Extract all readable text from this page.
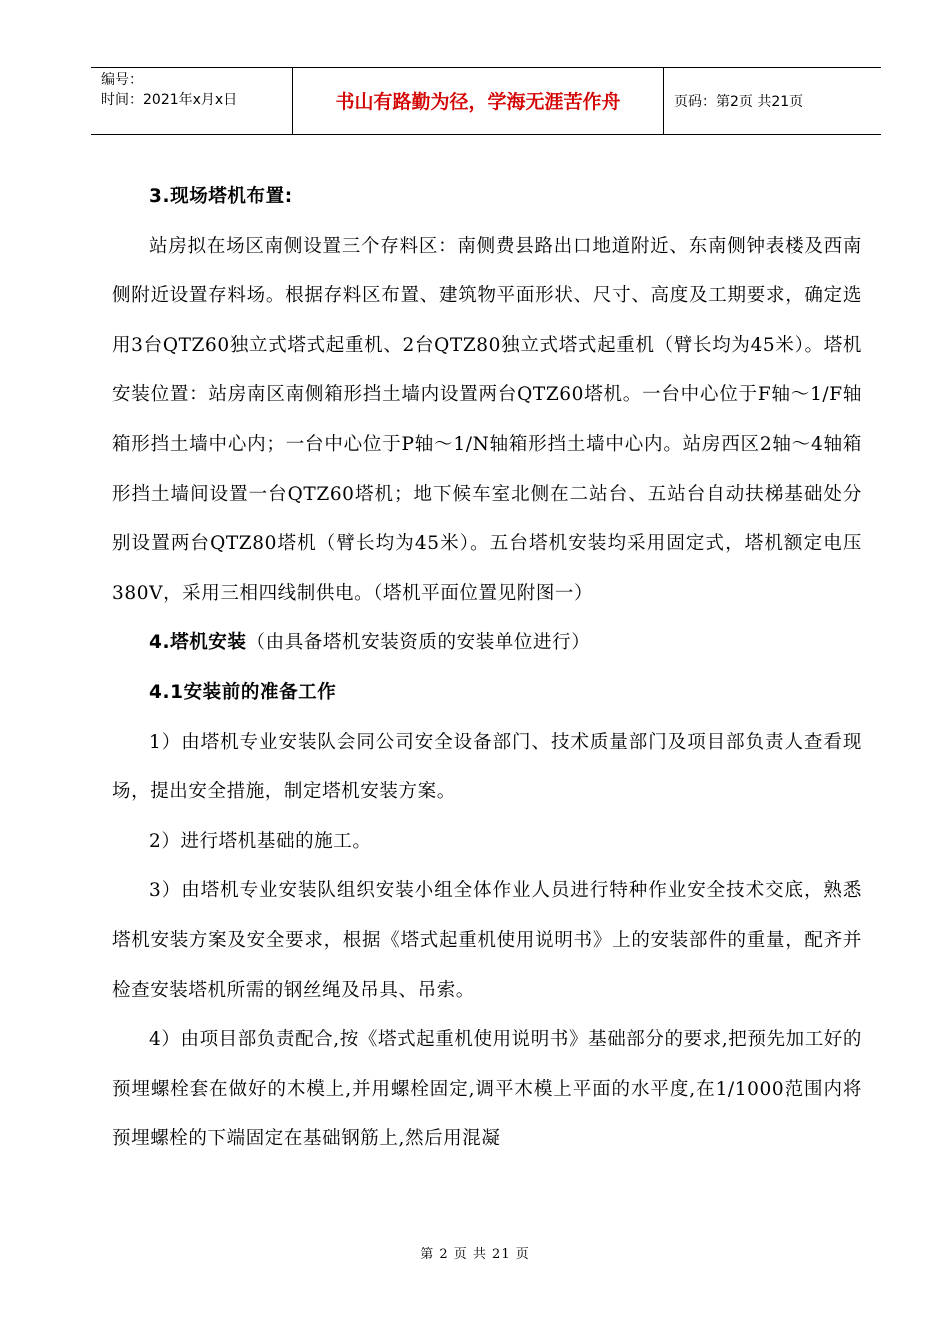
编号：
时间：2021年x月x日	书山有路勤为径，学海无涯苦作舟	页码：第2页 共21页

3.现场塔机布置:

站房拟在场区南侧设置三个存料区：南侧费县路出口地道附近、东南侧钟表楼及西南侧附近设置存料场。根据存料区布置、建筑物平面形状、尺寸、高度及工期要求，确定选用3台QTZ60独立式塔式起重机、2台QTZ80独立式塔式起重机（臂长均为45米）。塔机安装位置：站房南区南侧箱形挡土墙内设置两台QTZ60塔机。一台中心位于F轴～1/F轴箱形挡土墙中心内；一台中心位于P轴～1/N轴箱形挡土墙中心内。站房西区2轴～4轴箱形挡土墙间设置一台QTZ60塔机；地下候车室北侧在二站台、五站台自动扶梯基础处分别设置两台QTZ80塔机（臂长均为45米）。五台塔机安装均采用固定式，塔机额定电压380V，采用三相四线制供电。（塔机平面位置见附图一）

4.塔机安装（由具备塔机安装资质的安装单位进行）

4.1安装前的准备工作

1）由塔机专业安装队会同公司安全设备部门、技术质量部门及项目部负责人查看现场，提出安全措施，制定塔机安装方案。

2）进行塔机基础的施工。

3）由塔机专业安装队组织安装小组全体作业人员进行特种作业安全技术交底，熟悉塔机安装方案及安全要求，根据《塔式起重机使用说明书》上的安装部件的重量，配齐并检查安装塔机所需的钢丝绳及吊具、吊索。

4）由项目部负责配合,按《塔式起重机使用说明书》基础部分的要求,把预先加工好的预埋螺栓套在做好的木模上,并用螺栓固定,调平木模上平面的水平度,在1/1000范围内将预埋螺栓的下端固定在基础钢筋上,然后用混凝

第 2 页 共 21 页
